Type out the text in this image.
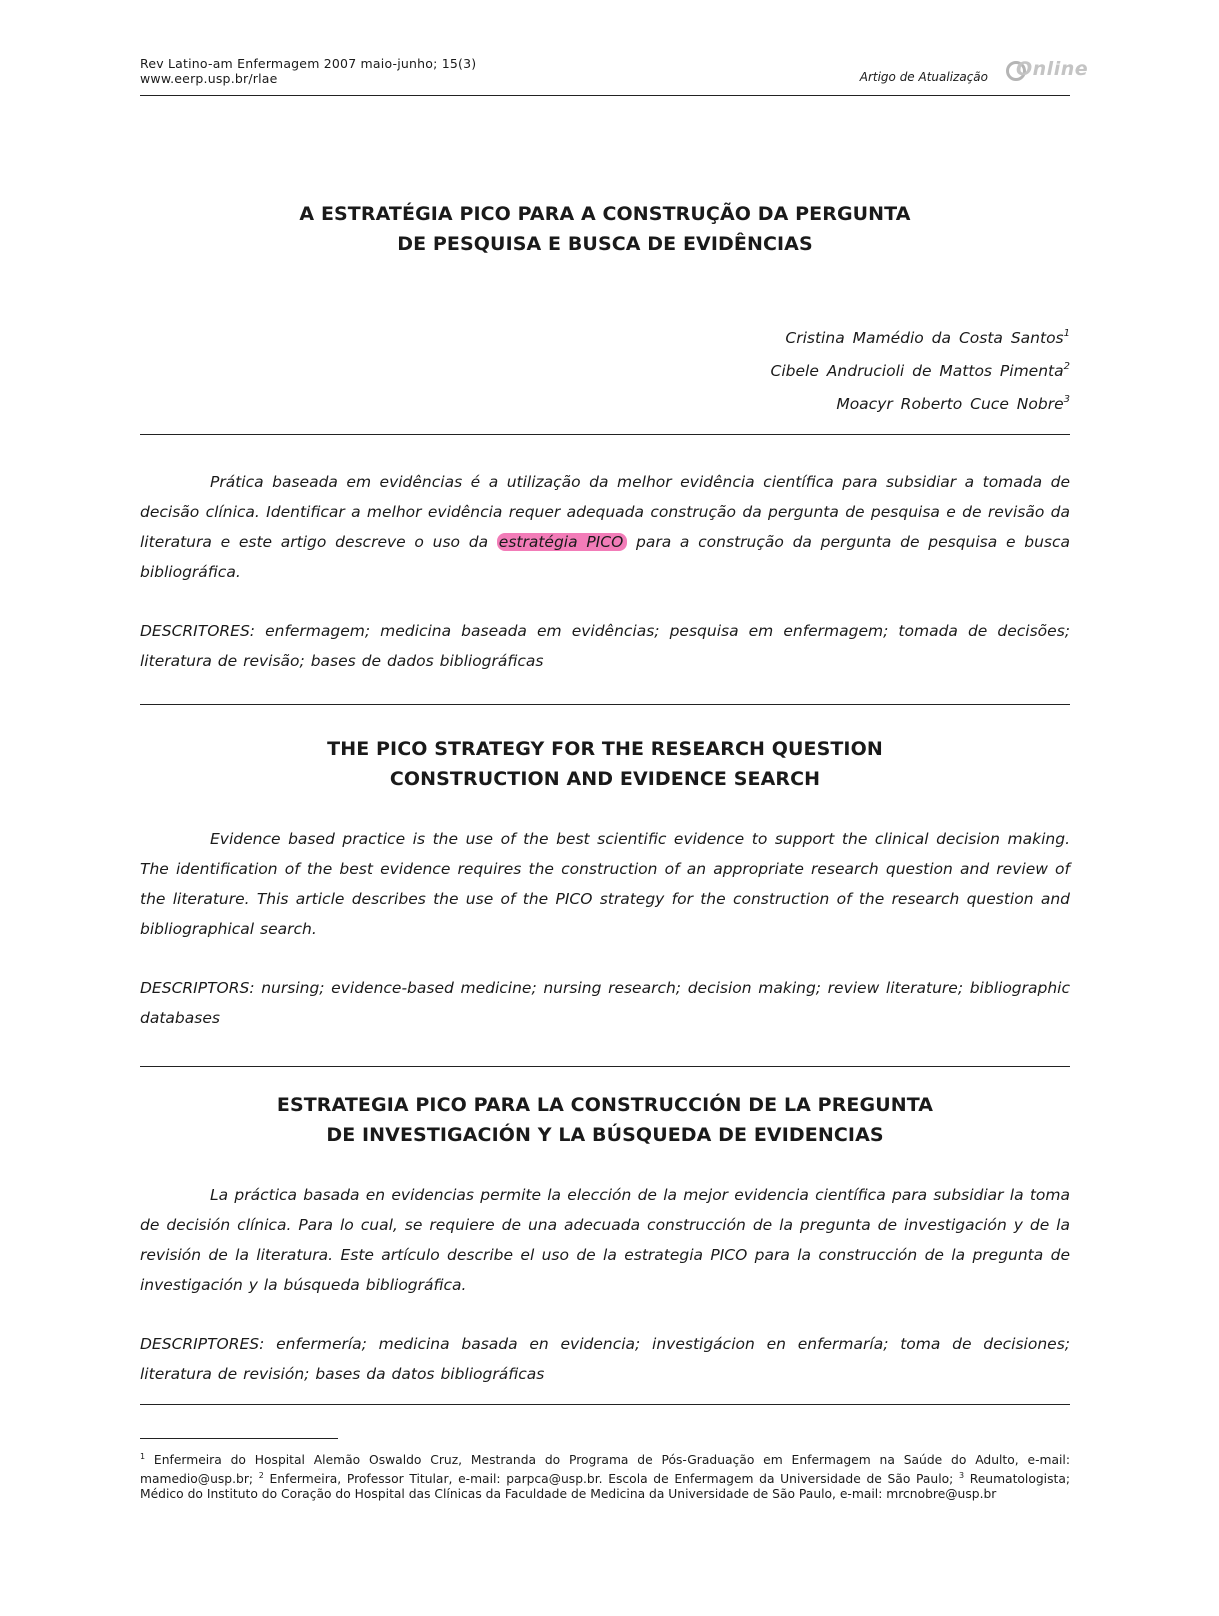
Rev Latino-am Enfermagem 2007 maio-junho; 15(3)
www.eerp.usp.br/rlae	Artigo de Atualização Online
A ESTRATÉGIA PICO PARA A CONSTRUÇÃO DA PERGUNTA
DE PESQUISA E BUSCA DE EVIDÊNCIAS
Cristina Mamédio da Costa Santos$^1$
Cibele Andrucioli de Mattos Pimenta$^2$
Moacyr Roberto Cuce Nobre$^3$
Prática baseada em evidências é a utilização da melhor evidência científica para subsidiar a tomada de decisão clínica. Identificar a melhor evidência requer adequada construção da pergunta de pesquisa e de revisão da literatura e este artigo descreve o uso da estratégia PICO para a construção da pergunta de pesquisa e busca bibliográfica.
DESCRITORES: enfermagem; medicina baseada em evidências; pesquisa em enfermagem; tomada de decisões; literatura de revisão; bases de dados bibliográficas
THE PICO STRATEGY FOR THE RESEARCH QUESTION
CONSTRUCTION AND EVIDENCE SEARCH
Evidence based practice is the use of the best scientific evidence to support the clinical decision making. The identification of the best evidence requires the construction of an appropriate research question and review of the literature. This article describes the use of the PICO strategy for the construction of the research question and bibliographical search.
DESCRIPTORS: nursing; evidence-based medicine; nursing research; decision making; review literature; bibliographic databases
ESTRATEGIA PICO PARA LA CONSTRUCCIÓN DE LA PREGUNTA
DE INVESTIGACIÓN Y LA BÚSQUEDA DE EVIDENCIAS
La práctica basada en evidencias permite la elección de la mejor evidencia científica para subsidiar la toma de decisión clínica. Para lo cual, se requiere de una adecuada construcción de la pregunta de investigación y de la revisión de la literatura. Este artículo describe el uso de la estrategia PICO para la construcción de la pregunta de investigación y la búsqueda bibliográfica.
DESCRIPTORES: enfermería; medicina basada en evidencia; investigácion en enfermaría; toma de decisiones; literatura de revisión; bases da datos bibliográficas
$^1$ Enfermeira do Hospital Alemão Oswaldo Cruz, Mestranda do Programa de Pós-Graduação em Enfermagem na Saúde do Adulto, e-mail: mamedio@usp.br; $^2$ Enfermeira, Professor Titular, e-mail: parpca@usp.br. Escola de Enfermagem da Universidade de São Paulo; $^3$ Reumatologista; Médico do Instituto do Coração do Hospital das Clínicas da Faculdade de Medicina da Universidade de São Paulo, e-mail: mrcnobre@usp.br
